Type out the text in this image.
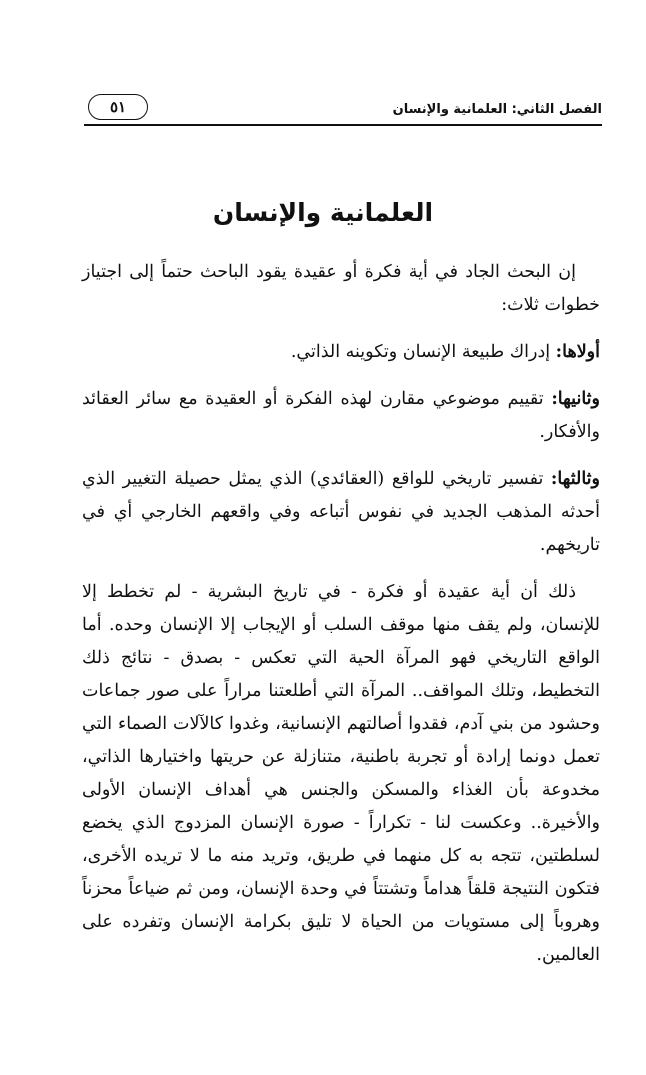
الفصل الثاني: العلمانية والإنسان
٥١
العلمانية والإنسان

إن البحث الجاد في أية فكرة أو عقيدة يقود الباحث حتماً إلى اجتياز خطوات ثلاث:

أولاها: إدراك طبيعة الإنسان وتكوينه الذاتي.

وثانيها: تقييم موضوعي مقارن لهذه الفكرة أو العقيدة مع سائر العقائد والأفكار.

وثالثها: تفسير تاريخي للواقع (العقائدي) الذي يمثل حصيلة التغيير الذي أحدثه المذهب الجديد في نفوس أتباعه وفي واقعهم الخارجي أي في تاريخهم.

ذلك أن أية عقيدة أو فكرة - في تاريخ البشرية - لم تخطط إلا للإنسان، ولم يقف منها موقف السلب أو الإيجاب إلا الإنسان وحده. أما الواقع التاريخي فهو المرآة الحية التي تعكس - بصدق - نتائج ذلك التخطيط، وتلك المواقف.. المرآة التي أطلعتنا مراراً على صور جماعات وحشود من بني آدم، فقدوا أصالتهم الإنسانية، وغدوا كالآلات الصماء التي تعمل دونما إرادة أو تجربة باطنية، متنازلة عن حريتها واختيارها الذاتي، مخدوعة بأن الغذاء والمسكن والجنس هي أهداف الإنسان الأولى والأخيرة.. وعكست لنا - تكراراً - صورة الإنسان المزدوج الذي يخضع لسلطتين، تتجه به كل منهما في طريق، وتريد منه ما لا تريده الأخرى، فتكون النتيجة قلقاً هداماً وتشتتاً في وحدة الإنسان، ومن ثم ضياعاً محزناً وهروباً إلى مستويات من الحياة لا تليق بكرامة الإنسان وتفرده على العالمين.
